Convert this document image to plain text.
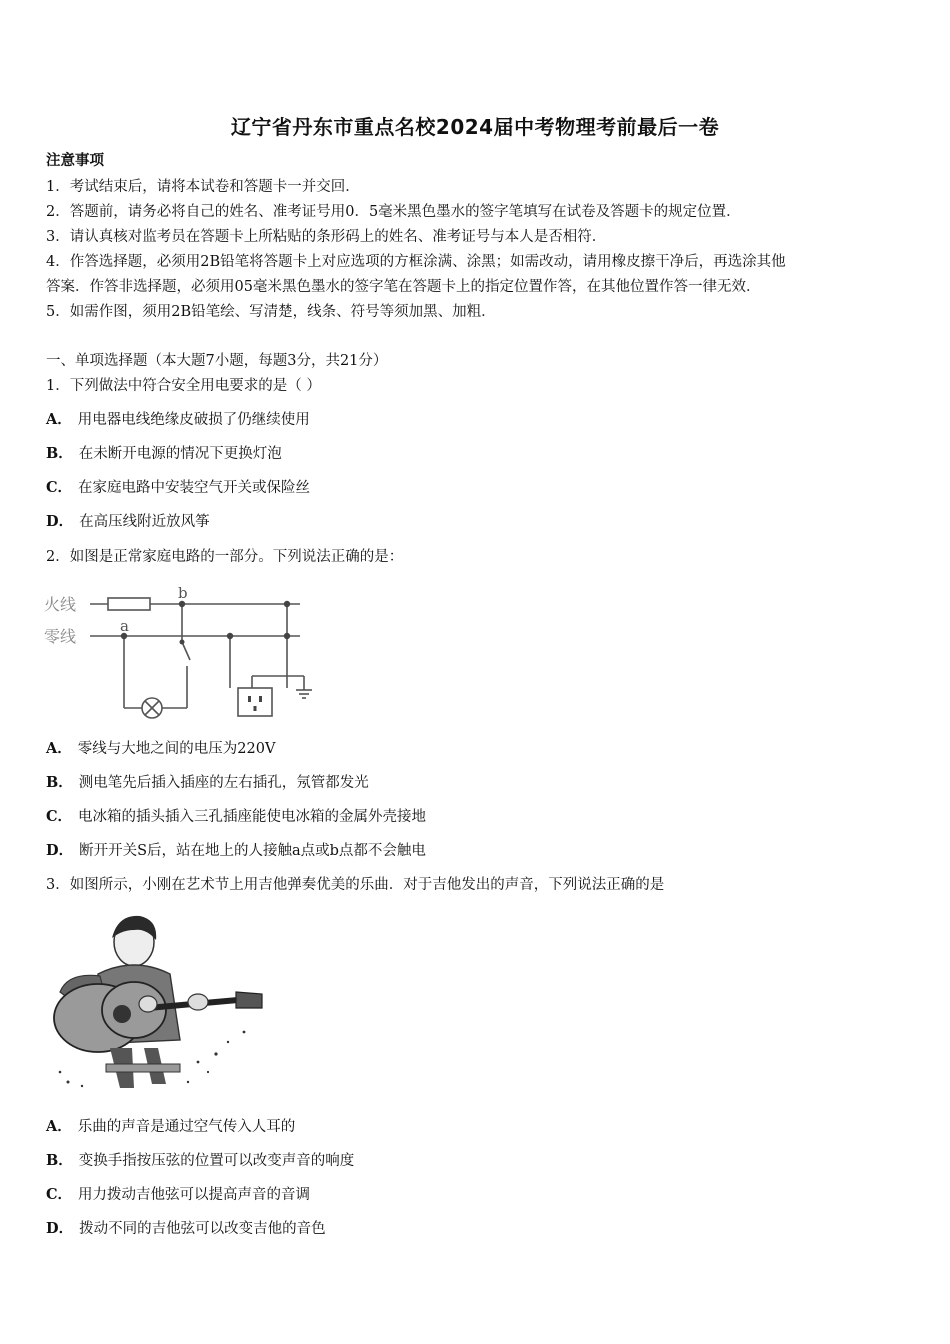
辽宁省丹东市重点名校2024届中考物理考前最后一卷
注意事项
1．考试结束后，请将本试卷和答题卡一并交回．
2．答题前，请务必将自己的姓名、准考证号用0．5毫米黑色墨水的签字笔填写在试卷及答题卡的规定位置．
3．请认真核对监考员在答题卡上所粘贴的条形码上的姓名、准考证号与本人是否相符．
4．作答选择题，必须用2B铅笔将答题卡上对应选项的方框涂满、涂黑；如需改动，请用橡皮擦干净后，再选涂其他
答案．作答非选择题，必须用05毫米黑色墨水的签字笔在答题卡上的指定位置作答，在其他位置作答一律无效．
5．如需作图，须用2B铅笔绘、写清楚，线条、符号等须加黑、加粗．
一、单项选择题（本大题7小题，每题3分，共21分）
1．下列做法中符合安全用电要求的是（ ）
A． 用电器电线绝缘皮破损了仍继续使用
B． 在未断开电源的情况下更换灯泡
C． 在家庭电路中安装空气开关或保险丝
D． 在高压线附近放风筝
2．如图是正常家庭电路的一部分。下列说法正确的是：
火线
零线
a
b
A． 零线与大地之间的电压为220V
B． 测电笔先后插入插座的左右插孔，氖管都发光
C． 电冰箱的插头插入三孔插座能使电冰箱的金属外壳接地
D． 断开开关S后，站在地上的人接触a点或b点都不会触电
3．如图所示，小刚在艺术节上用吉他弹奏优美的乐曲．对于吉他发出的声音，下列说法正确的是
A． 乐曲的声音是通过空气传入人耳的
B． 变换手指按压弦的位置可以改变声音的响度
C． 用力拨动吉他弦可以提高声音的音调
D． 拨动不同的吉他弦可以改变吉他的音色
